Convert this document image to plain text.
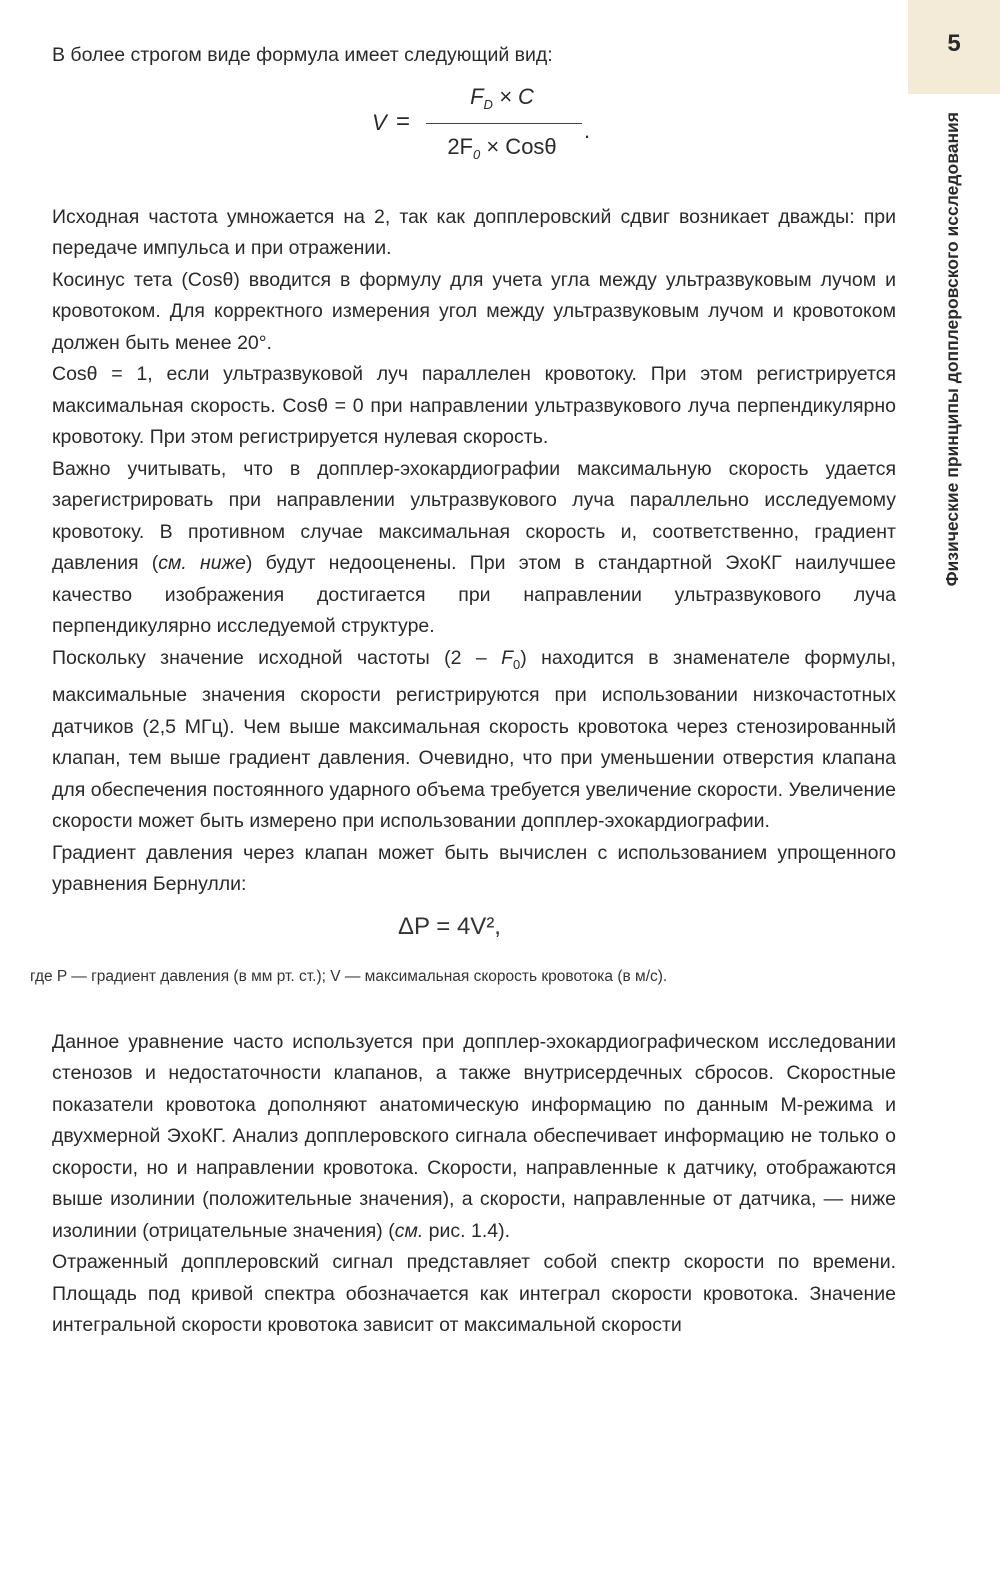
5
Физические принципы допплеровского исследования
В более строгом виде формула имеет следующий вид:
V =
$F_D \times C$
$2F_0 \times Cos\theta$
.

Исходная частота умножается на 2, так как допплеровский сдвиг возникает дважды: при передаче импульса и при отражении.

Косинус тета (Cosθ) вводится в формулу для учета угла между ультразвуковым лучом и кровотоком. Для корректного измерения угол между ультразвуковым лучом и кровотоком должен быть менее 20°.

Cosθ = 1, если ультразвуковой луч параллелен кровотоку. При этом регистрируется максимальная скорость. Cosθ = 0 при направлении ультразвукового луча перпендикулярно кровотоку. При этом регистрируется нулевая скорость.

Важно учитывать, что в допплер-эхокардиографии максимальную скорость удается зарегистрировать при направлении ультразвукового луча параллельно исследуемому кровотоку. В противном случае максимальная скорость и, соответственно, градиент давления (см. ниже) будут недооценены. При этом в стандартной ЭхоКГ наилучшее качество изображения достигается при направлении ультразвукового луча перпендикулярно исследуемой структуре.

Поскольку значение исходной частоты $(2 - F_0)$ находится в знаменателе формулы, максимальные значения скорости регистрируются при использовании низкочастотных датчиков (2,5 МГц). Чем выше максимальная скорость кровотока через стенозированный клапан, тем выше градиент давления. Очевидно, что при уменьшении отверстия клапана для обеспечения постоянного ударного объема требуется увеличение скорости. Увеличение скорости может быть измерено при использовании допплер-эхокардиографии.

Градиент давления через клапан может быть вычислен с использованием упрощенного уравнения Бернулли:

ΔP = 4V²,
где P — градиент давления (в мм рт. ст.); V — максимальная скорость кровотока (в м/с).

Данное уравнение часто используется при допплер-эхокардиографическом исследовании стенозов и недостаточности клапанов, а также внутрисердечных сбросов. Скоростные показатели кровотока дополняют анатомическую информацию по данным М-режима и двухмерной ЭхоКГ. Анализ допплеровского сигнала обеспечивает информацию не только о скорости, но и направлении кровотока. Скорости, направленные к датчику, отображаются выше изолинии (положительные значения), а скорости, направленные от датчика, — ниже изолинии (отрицательные значения) (см. рис. 1.4).

Отраженный допплеровский сигнал представляет собой спектр скорости по времени. Площадь под кривой спектра обозначается как интеграл скорости кровотока. Значение интегральной скорости кровотока зависит от максимальной скорости
